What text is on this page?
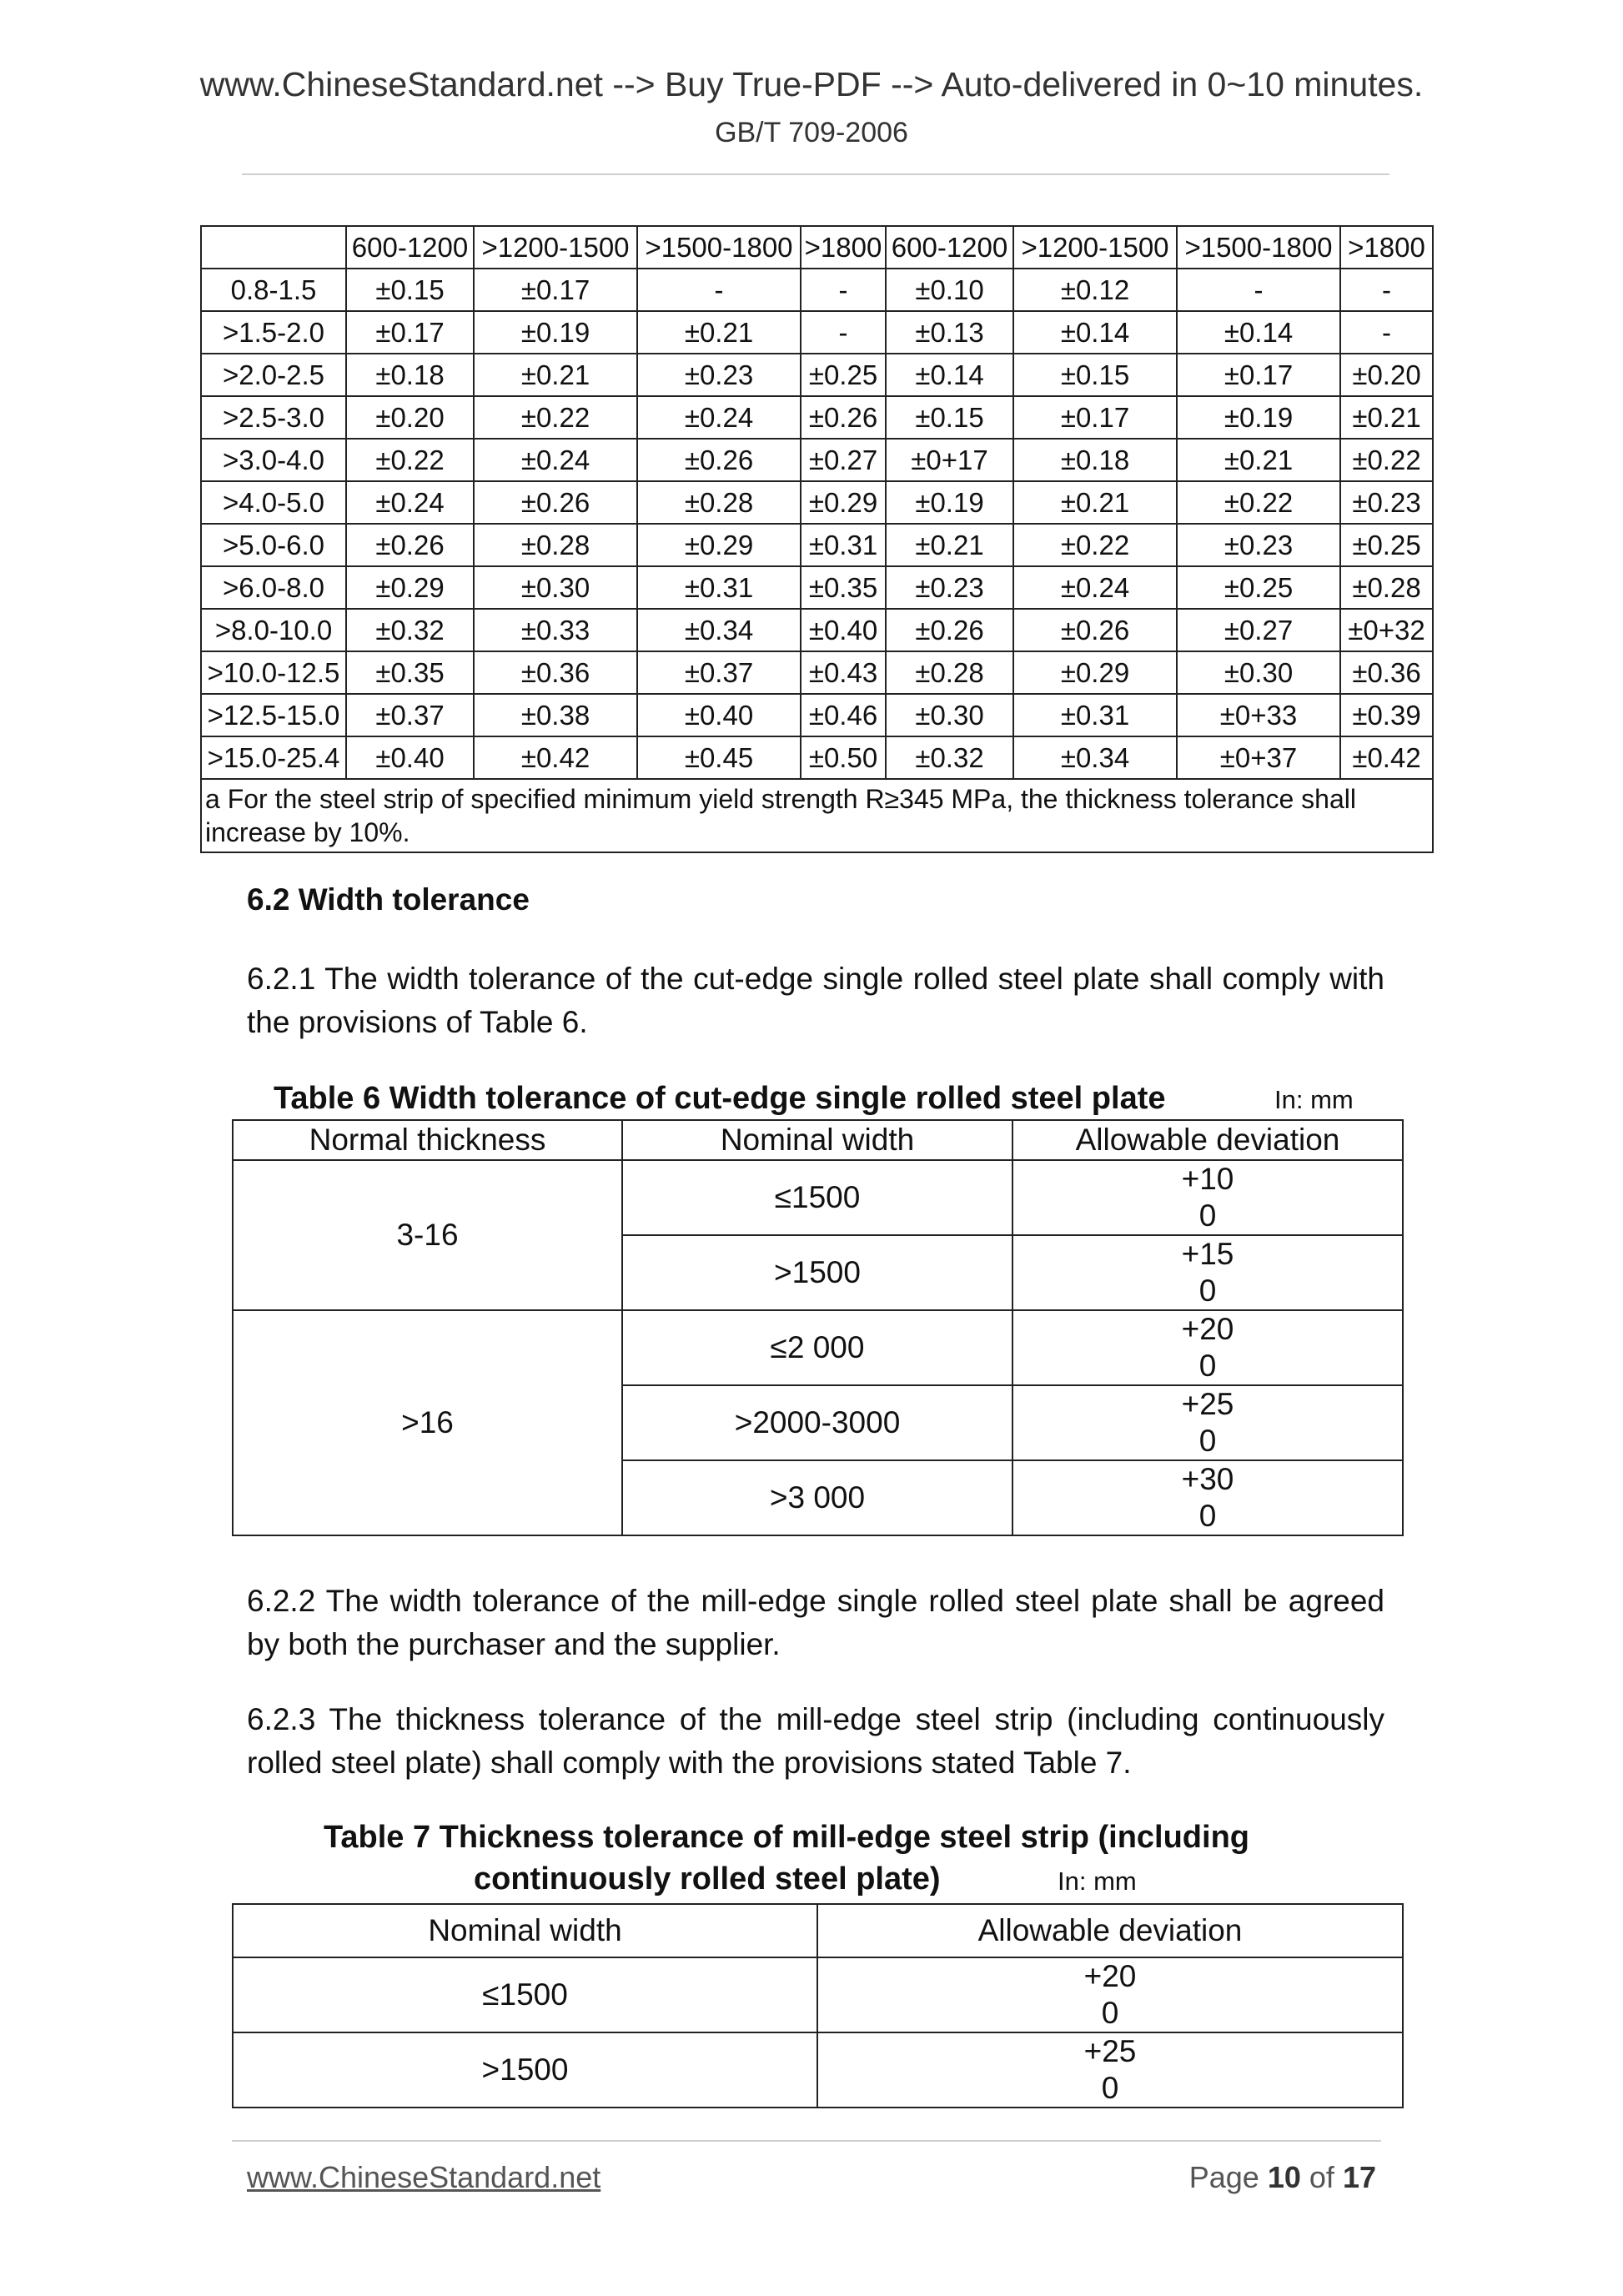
www.ChineseStandard.net --> Buy True-PDF --> Auto-delivered in 0~10 minutes.
GB/T 709-2006
	600-1200	>1200-1500	>1500-1800	>1800	600-1200	>1200-1500	>1500-1800	>1800
0.8-1.5	±0.15	±0.17	-	-	±0.10	±0.12	-	-
>1.5-2.0	±0.17	±0.19	±0.21	-	±0.13	±0.14	±0.14	-
>2.0-2.5	±0.18	±0.21	±0.23	±0.25	±0.14	±0.15	±0.17	±0.20
>2.5-3.0	±0.20	±0.22	±0.24	±0.26	±0.15	±0.17	±0.19	±0.21
>3.0-4.0	±0.22	±0.24	±0.26	±0.27	±0+17	±0.18	±0.21	±0.22
>4.0-5.0	±0.24	±0.26	±0.28	±0.29	±0.19	±0.21	±0.22	±0.23
>5.0-6.0	±0.26	±0.28	±0.29	±0.31	±0.21	±0.22	±0.23	±0.25
>6.0-8.0	±0.29	±0.30	±0.31	±0.35	±0.23	±0.24	±0.25	±0.28
>8.0-10.0	±0.32	±0.33	±0.34	±0.40	±0.26	±0.26	±0.27	±0+32
>10.0-12.5	±0.35	±0.36	±0.37	±0.43	±0.28	±0.29	±0.30	±0.36
>12.5-15.0	±0.37	±0.38	±0.40	±0.46	±0.30	±0.31	±0+33	±0.39
>15.0-25.4	±0.40	±0.42	±0.45	±0.50	±0.32	±0.34	±0+37	±0.42
a For the steel strip of specified minimum yield strength R≥345 MPa, the thickness tolerance shall increase by 10%.								
6.2 Width tolerance
6.2.1 The width tolerance of the cut-edge single rolled steel plate shall comply with the provisions of Table 6.
Table 6 Width tolerance of cut-edge single rolled steel plate	In: mm
Normal thickness	Nominal width	Allowable deviation
3-16	≤1500	+10
0

	>1500	+15
0

>16	≤2 000	+20
0

	>2000-3000	+25
0

	>3 000	+30
0
6.2.2 The width tolerance of the mill-edge single rolled steel plate shall be agreed by both the purchaser and the supplier.
6.2.3 The thickness tolerance of the mill-edge steel strip (including continuously rolled steel plate) shall comply with the provisions stated Table 7.
Table 7 Thickness tolerance of mill-edge steel strip (including
continuously rolled steel plate)	In: mm
Nominal width	Allowable deviation
≤1500	+20
0

>1500	+25
0
www.ChineseStandard.net	Page 10 of 17
